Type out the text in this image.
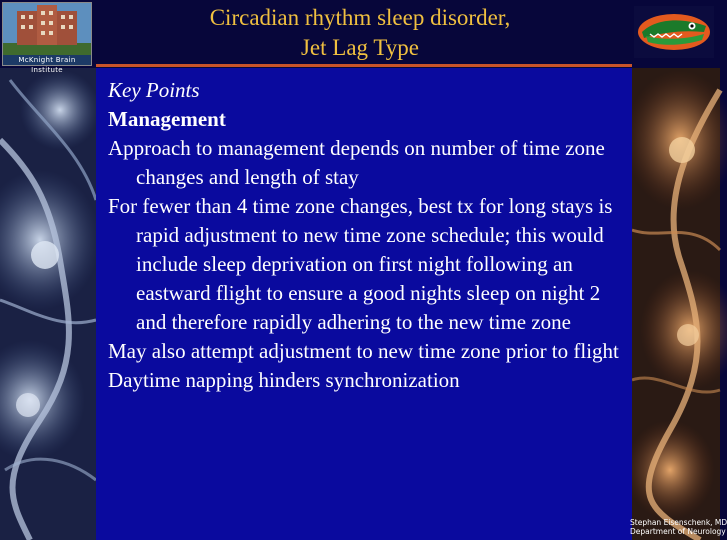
McKnight Brain Institute
Circadian rhythm sleep disorder,
Jet Lag Type

Key Points

Management

Approach to management depends on number of time zone changes and length of stay

For fewer than 4 time zone changes, best tx for long stays is rapid adjustment to new time zone schedule; this would include sleep deprivation on first night following an eastward flight to ensure a good nights sleep on night 2 and therefore rapidly adhering to the new time zone

May also attempt adjustment to new time zone prior to flight

Daytime napping hinders synchronization

Stephan Eisenschenk, MD
Department of Neurology
